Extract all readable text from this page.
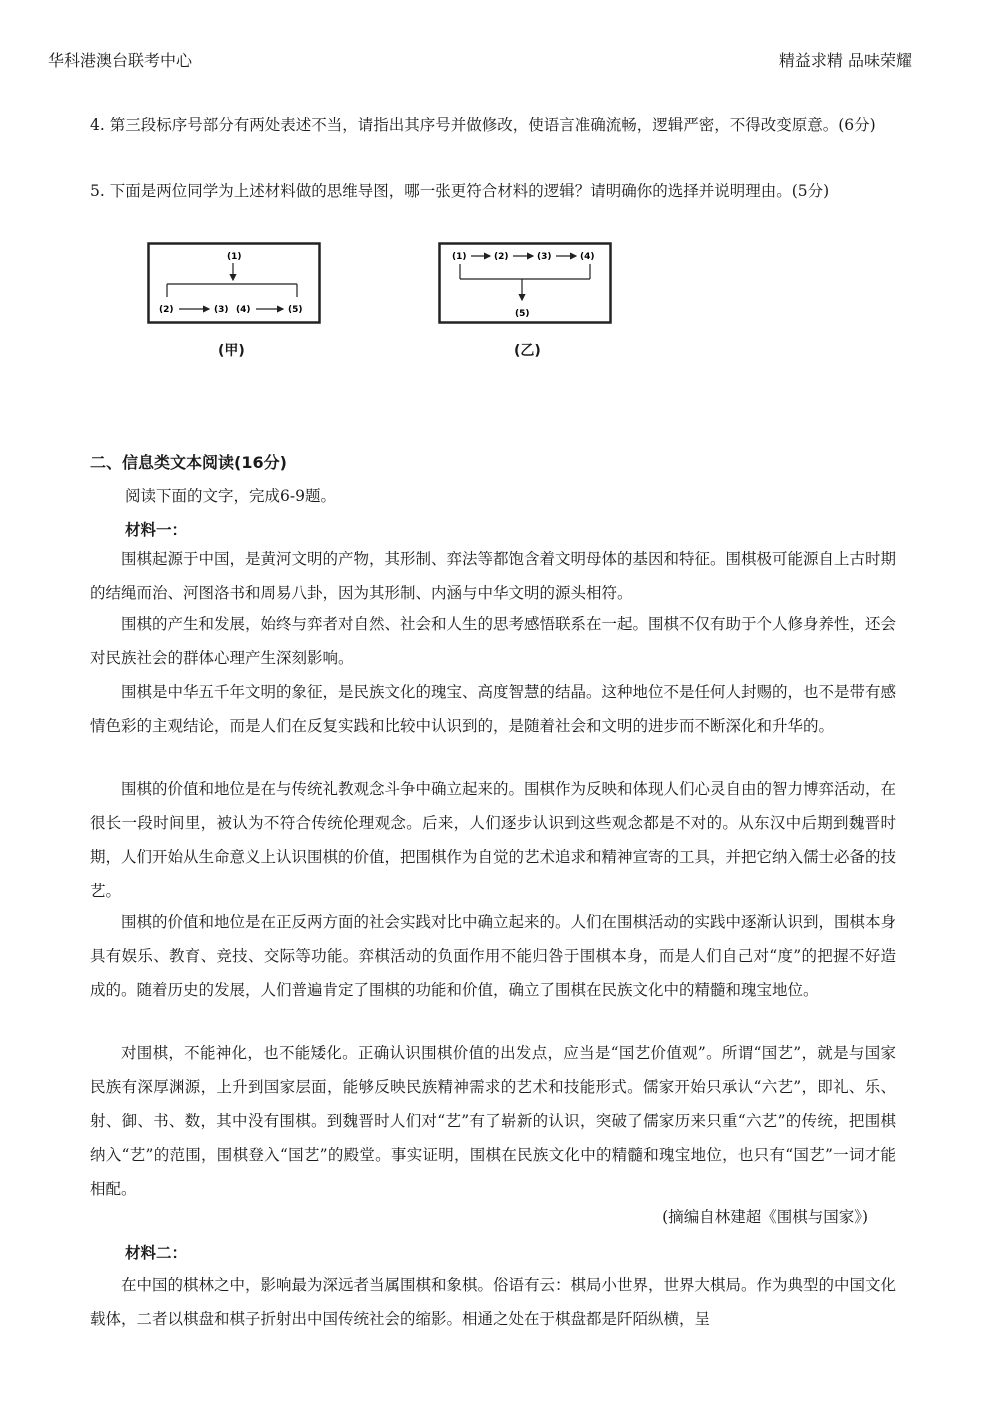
华科港澳台联考中心	精益求精 品味荣耀

4. 第三段标序号部分有两处表述不当，请指出其序号并做修改，使语言准确流畅，逻辑严密，不得改变原意。(6分)

5. 下面是两位同学为上述材料做的思维导图，哪一张更符合材料的逻辑？请明确你的选择并说明理由。(5分)

(1)
(2)	(3) (4)	(5)
(甲)
(1)	(2)	(3)	(4)
(5)
(乙)
二、信息类文本阅读(16分)
阅读下面的文字，完成6-9题。
材料一：

围棋起源于中国，是黄河文明的产物，其形制、弈法等都饱含着文明母体的基因和特征。围棋极可能源自上古时期的结绳而治、河图洛书和周易八卦，因为其形制、内涵与中华文明的源头相符。

围棋的产生和发展，始终与弈者对自然、社会和人生的思考感悟联系在一起。围棋不仅有助于个人修身养性，还会对民族社会的群体心理产生深刻影响。

围棋是中华五千年文明的象征，是民族文化的瑰宝、高度智慧的结晶。这种地位不是任何人封赐的，也不是带有感情色彩的主观结论，而是人们在反复实践和比较中认识到的，是随着社会和文明的进步而不断深化和升华的。

围棋的价值和地位是在与传统礼教观念斗争中确立起来的。围棋作为反映和体现人们心灵自由的智力博弈活动，在很长一段时间里，被认为不符合传统伦理观念。后来，人们逐步认识到这些观念都是不对的。从东汉中后期到魏晋时期，人们开始从生命意义上认识围棋的价值，把围棋作为自觉的艺术追求和精神宣寄的工具，并把它纳入儒士必备的技艺。

围棋的价值和地位是在正反两方面的社会实践对比中确立起来的。人们在围棋活动的实践中逐渐认识到，围棋本身具有娱乐、教育、竞技、交际等功能。弈棋活动的负面作用不能归咎于围棋本身，而是人们自己对“度”的把握不好造成的。随着历史的发展，人们普遍肯定了围棋的功能和价值，确立了围棋在民族文化中的精髓和瑰宝地位。

对围棋，不能神化，也不能矮化。正确认识围棋价值的出发点，应当是“国艺价值观”。所谓“国艺”，就是与国家民族有深厚渊源，上升到国家层面，能够反映民族精神需求的艺术和技能形式。儒家开始只承认“六艺”，即礼、乐、射、御、书、数，其中没有围棋。到魏晋时人们对“艺”有了崭新的认识，突破了儒家历来只重“六艺”的传统，把围棋纳入“艺”的范围，围棋登入“国艺”的殿堂。事实证明，围棋在民族文化中的精髓和瑰宝地位，也只有“国艺”一词才能相配。

(摘编自林建超《围棋与国家》)
材料二：

在中国的棋林之中，影响最为深远者当属围棋和象棋。俗语有云：棋局小世界，世界大棋局。作为典型的中国文化载体，二者以棋盘和棋子折射出中国传统社会的缩影。相通之处在于棋盘都是阡陌纵横，呈
